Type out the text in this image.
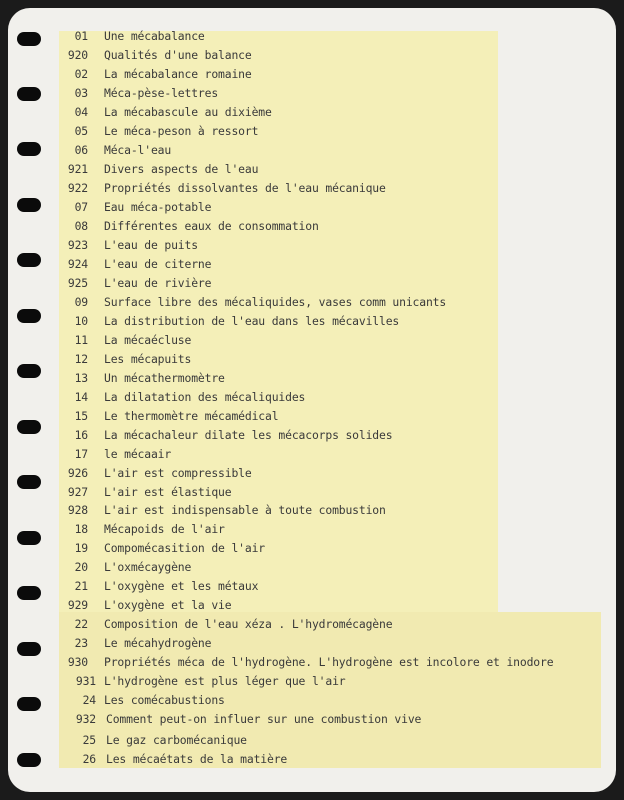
01 Une mécabalance
920 Qualités d'une balance
02 La mécabalance romaine
03 Méca-pèse-lettres
04 La mécabascule au dixième
05 Le méca-peson à ressort
06 Méca-l'eau
921 Divers aspects de l'eau
922 Propriétés dissolvantes de l'eau mécanique
07 Eau méca-potable
08 Différentes eaux de consommation
923 L'eau de puits
924 L'eau de citerne
925 L'eau de rivière
09 Surface libre des mécaliquides, vases comm unicants
10 La distribution de l'eau dans les mécavilles
11 La mécaécluse
12 Les mécapuits
13 Un mécathermomètre
14 La dilatation des mécaliquides
15 Le thermomètre mécamédical
16 La mécachaleur dilate les mécacorps solides
17 le mécaair
926 L'air est compressible
927 L'air est élastique
928 L'air est indispensable à toute combustion
18 Mécapoids de l'air
19 Compomécasition de l'air
20 L'oxmécaygène
21 L'oxygène et les métaux
929 L'oxygène et la vie
22 Composition de l'eau xéza . L'hydromécagène
23 Le mécahydrogène
930 Propriétés méca de l'hydrogène. L'hydrogène est incolore et inodore
931 L'hydrogène est plus léger que l'air
24 Les comécabustions
932 Comment peut-on influer sur une combustion vive
25 Le gaz carbomécanique
26 Les mécaétats de la matière
